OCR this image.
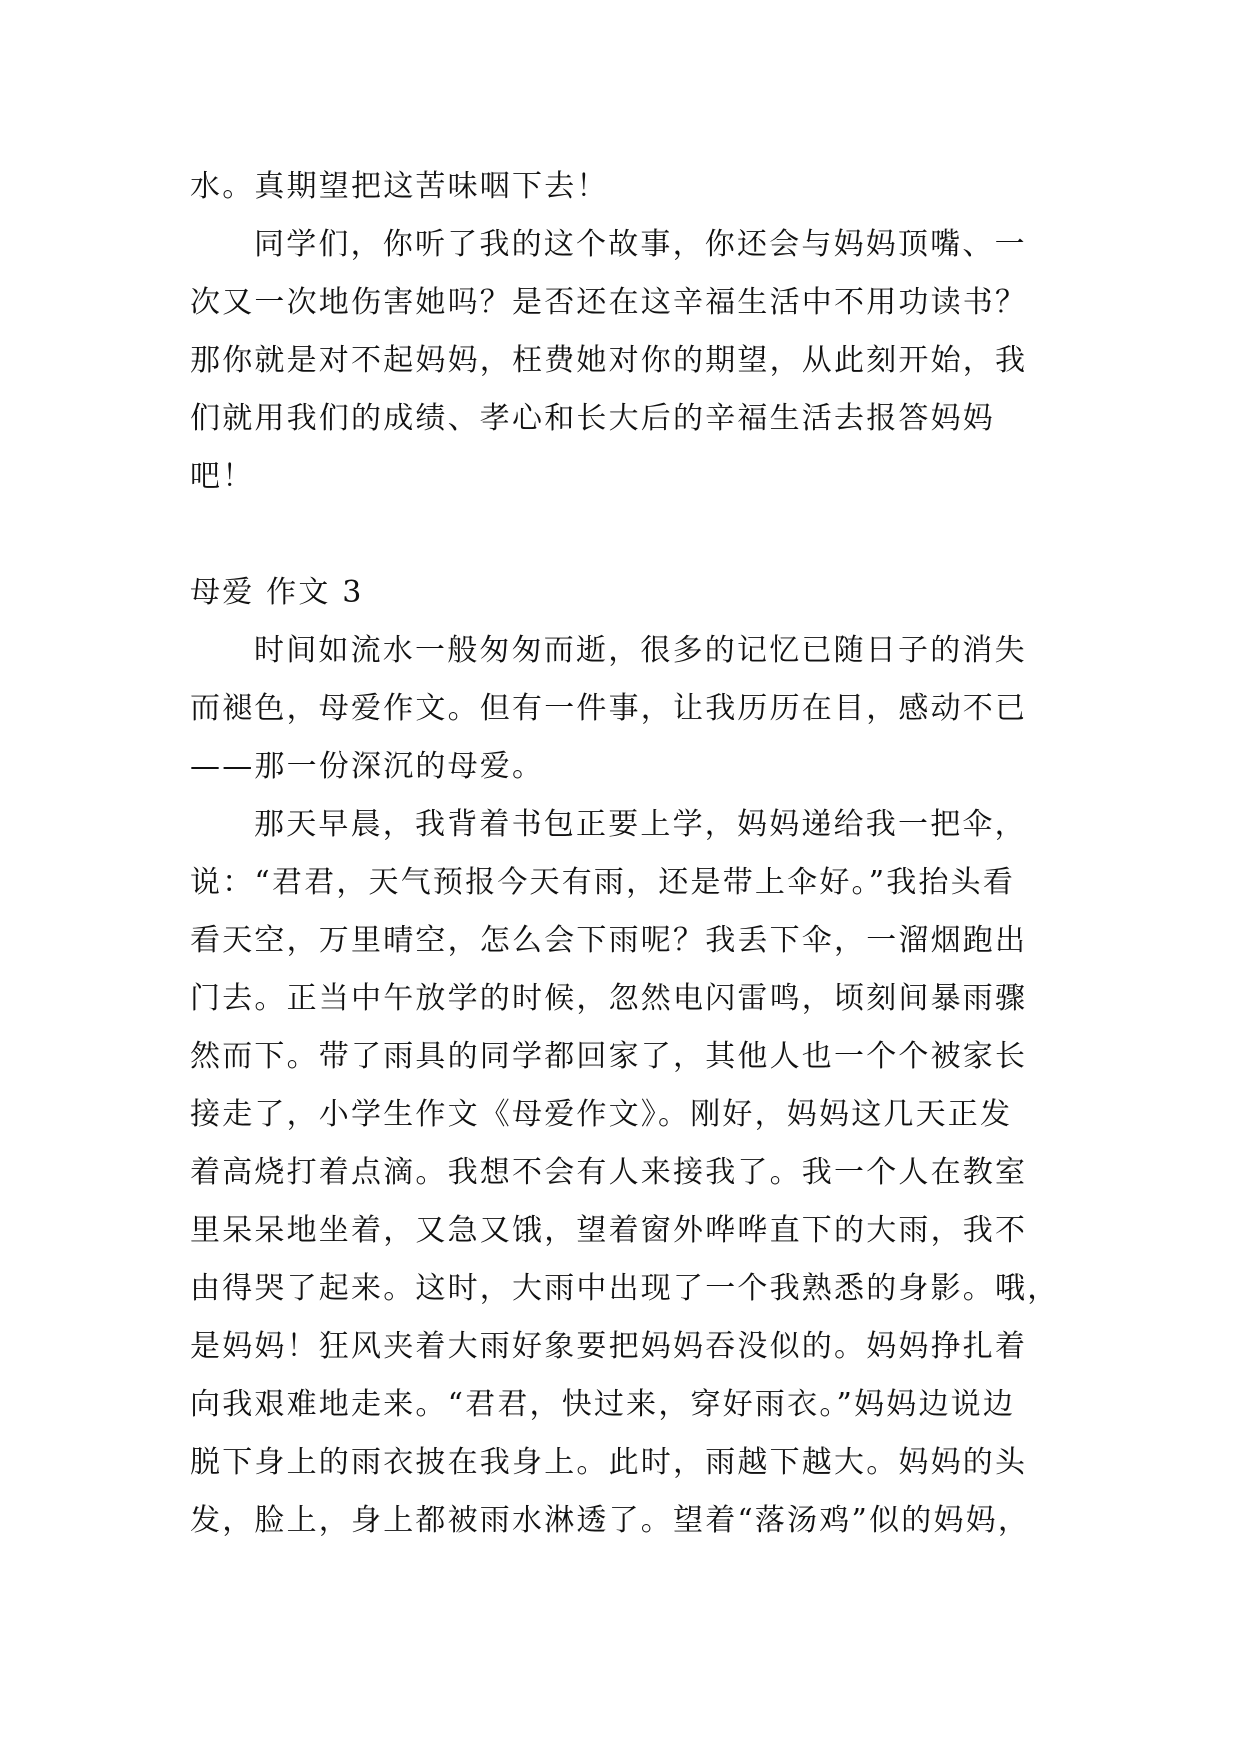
水。真期望把这苦味咽下去！
同学们，你听了我的这个故事，你还会与妈妈顶嘴、一
次又一次地伤害她吗？是否还在这辛福生活中不用功读书？
那你就是对不起妈妈，枉费她对你的期望，从此刻开始，我
们就用我们的成绩、孝心和长大后的辛福生活去报答妈妈
吧！
母爱 作文 3
时间如流水一般匆匆而逝，很多的记忆已随日子的消失
而褪色，母爱作文。但有一件事，让我历历在目，感动不已
——那一份深沉的母爱。
那天早晨，我背着书包正要上学，妈妈递给我一把伞，
说：“君君，天气预报今天有雨，还是带上伞好。”我抬头看
看天空，万里晴空，怎么会下雨呢？我丢下伞，一溜烟跑出
门去。正当中午放学的时候，忽然电闪雷鸣，顷刻间暴雨骤
然而下。带了雨具的同学都回家了，其他人也一个个被家长
接走了，小学生作文《母爱作文》。刚好，妈妈这几天正发
着高烧打着点滴。我想不会有人来接我了。我一个人在教室
里呆呆地坐着，又急又饿，望着窗外哗哗直下的大雨，我不
由得哭了起来。这时，大雨中出现了一个我熟悉的身影。哦，
是妈妈！狂风夹着大雨好象要把妈妈吞没似的。妈妈挣扎着
向我艰难地走来。“君君，快过来，穿好雨衣。”妈妈边说边
脱下身上的雨衣披在我身上。此时，雨越下越大。妈妈的头
发，脸上，身上都被雨水淋透了。望着“落汤鸡”似的妈妈，
